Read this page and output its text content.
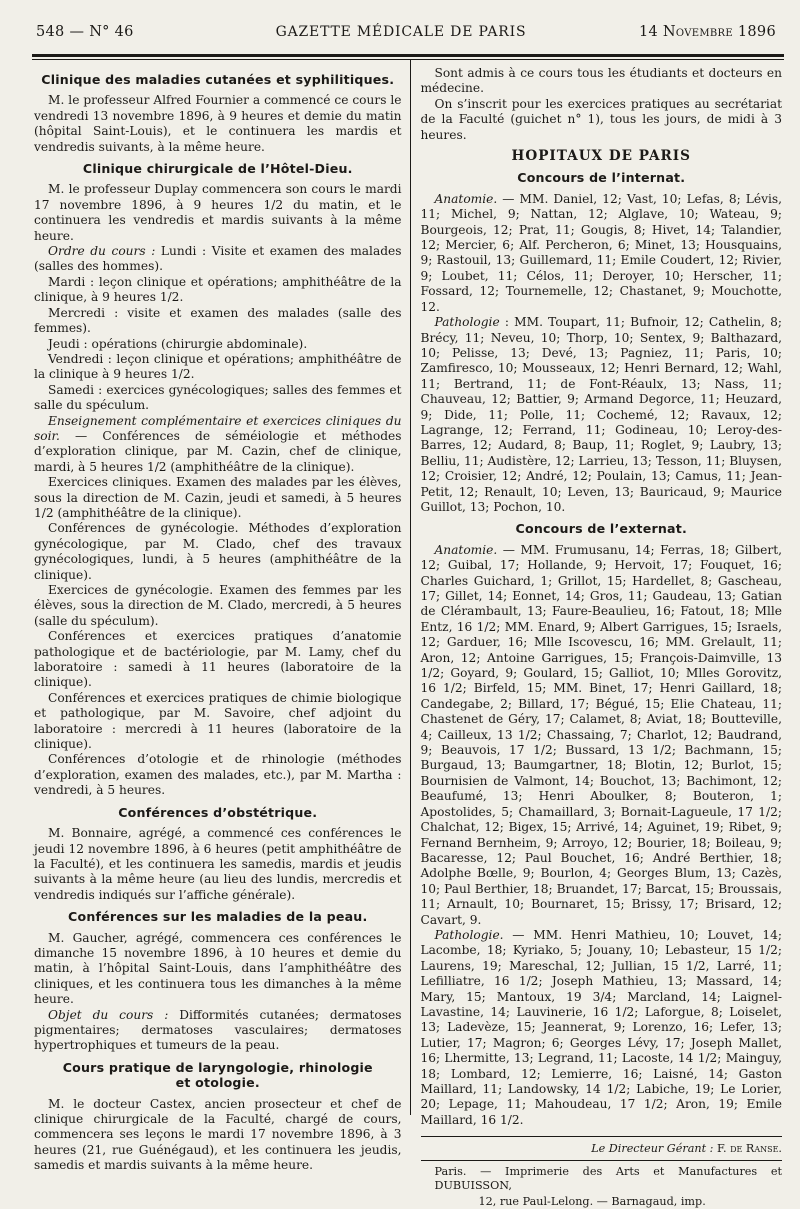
548 — N° 46	GAZETTE MÉDICALE DE PARIS	14 Novembre 1896
Clinique des maladies cutanées et syphilitiques.

M. le professeur Alfred Fournier a commencé ce cours le vendredi 13 novembre 1896, à 9 heures et demie du matin (hôpital Saint-Louis), et le continuera les mardis et vendredis suivants, à la même heure.

Clinique chirurgicale de l’Hôtel-Dieu.

M. le professeur Duplay commencera son cours le mardi 17 novembre 1896, à 9 heures 1/2 du matin, et le continuera les vendredis et mardis suivants à la même heure.

Ordre du cours : Lundi : Visite et examen des malades (salles des hommes).

Mardi : leçon clinique et opérations; amphithéâtre de la clinique, à 9 heures 1/2.

Mercredi : visite et examen des malades (salle des femmes).

Jeudi : opérations (chirurgie abdominale).

Vendredi : leçon clinique et opérations; amphithéâtre de la clinique à 9 heures 1/2.

Samedi : exercices gynécologiques; salles des femmes et salle du spéculum.

Enseignement complémentaire et exercices cliniques du soir. — Conférences de séméiologie et méthodes d’exploration clinique, par M. Cazin, chef de clinique, mardi, à 5 heures 1/2 (amphithéâtre de la clinique).

Exercices cliniques. Examen des malades par les élèves, sous la direction de M. Cazin, jeudi et samedi, à 5 heures 1/2 (amphithéâtre de la clinique).

Conférences de gynécologie. Méthodes d’exploration gynécologique, par M. Clado, chef des travaux gynécologiques, lundi, à 5 heures (amphithéâtre de la clinique).

Exercices de gynécologie. Examen des femmes par les élèves, sous la direction de M. Clado, mercredi, à 5 heures (salle du spéculum).

Conférences et exercices pratiques d’anatomie pathologique et de bactériologie, par M. Lamy, chef du laboratoire : samedi à 11 heures (laboratoire de la clinique).

Conférences et exercices pratiques de chimie biologique et pathologique, par M. Savoire, chef adjoint du laboratoire : mercredi à 11 heures (laboratoire de la clinique).

Conférences d’otologie et de rhinologie (méthodes d’exploration, examen des malades, etc.), par M. Martha : vendredi, à 5 heures.

Conférences d’obstétrique.

M. Bonnaire, agrégé, a commencé ces conférences le jeudi 12 novembre 1896, à 6 heures (petit amphithéâtre de la Faculté), et les continuera les samedis, mardis et jeudis suivants à la même heure (au lieu des lundis, mercredis et vendredis indiqués sur l’affiche générale).

Conférences sur les maladies de la peau.

M. Gaucher, agrégé, commencera ces conférences le dimanche 15 novembre 1896, à 10 heures et demie du matin, à l’hôpital Saint-Louis, dans l’amphithéâtre des cliniques, et les continuera tous les dimanches à la même heure.

Objet du cours : Difformités cutanées; dermatoses pigmentaires; dermatoses vasculaires; dermatoses hypertrophiques et tumeurs de la peau.

Cours pratique de laryngologie, rhinologie
et otologie.

M. le docteur Castex, ancien prosecteur et chef de clinique chirurgicale de la Faculté, chargé de cours, commencera ses leçons le mardi 17 novembre 1896, à 3 heures (21, rue Guénégaud), et les continuera les jeudis, samedis et mardis suivants à la même heure.

Sont admis à ce cours tous les étudiants et docteurs en médecine.

On s’inscrit pour les exercices pratiques au secrétariat de la Faculté (guichet n° 1), tous les jours, de midi à 3 heures.

HOPITAUX DE PARIS
Concours de l’internat.

Anatomie. — MM. Daniel, 12; Vast, 10; Lefas, 8; Lévis, 11; Michel, 9; Nattan, 12; Alglave, 10; Wateau, 9; Bourgeois, 12; Prat, 11; Gougis, 8; Hivet, 14; Talandier, 12; Mercier, 6; Alf. Percheron, 6; Minet, 13; Housquains, 9; Rastouil, 13; Guillemard, 11; Emile Coudert, 12; Rivier, 9; Loubet, 11; Célos, 11; Deroyer, 10; Herscher, 11; Fossard, 12; Tournemelle, 12; Chastanet, 9; Mouchotte, 12.

Pathologie : MM. Toupart, 11; Bufnoir, 12; Cathelin, 8; Brécy, 11; Neveu, 10; Thorp, 10; Sentex, 9; Balthazard, 10; Pelisse, 13; Devé, 13; Pagniez, 11; Paris, 10; Zamfiresco, 10; Mousseaux, 12; Henri Bernard, 12; Wahl, 11; Bertrand, 11; de Font-Réaulx, 13; Nass, 11; Chauveau, 12; Battier, 9; Armand Degorce, 11; Heuzard, 9; Dide, 11; Polle, 11; Cochemé, 12; Ravaux, 12; Lagrange, 12; Ferrand, 11; Godineau, 10; Leroy-des-Barres, 12; Audard, 8; Baup, 11; Roglet, 9; Laubry, 13; Belliu, 11; Audistère, 12; Larrieu, 13; Tesson, 11; Bluysen, 12; Croisier, 12; André, 12; Poulain, 13; Camus, 11; Jean-Petit, 12; Renault, 10; Leven, 13; Bauricaud, 9; Maurice Guillot, 13; Pochon, 10.

Concours de l’externat.

Anatomie. — MM. Frumusanu, 14; Ferras, 18; Gilbert, 12; Guibal, 17; Hollande, 9; Hervoit, 17; Fouquet, 16; Charles Guichard, 1; Grillot, 15; Hardellet, 8; Gascheau, 17; Gillet, 14; Eonnet, 14; Gros, 11; Gaudeau, 13; Gatian de Clérambault, 13; Faure-Beaulieu, 16; Fatout, 18; Mlle Entz, 16 1/2; MM. Enard, 9; Albert Garrigues, 15; Israels, 12; Garduer, 16; Mlle Iscovescu, 16; MM. Grelault, 11; Aron, 12; Antoine Garrigues, 15; François-Daimville, 13 1/2; Goyard, 9; Goulard, 15; Galliot, 10; Mlles Gorovitz, 16 1/2; Birfeld, 15; MM. Binet, 17; Henri Gaillard, 18; Candegabe, 2; Billard, 17; Bégué, 15; Elie Chateau, 11; Chastenet de Géry, 17; Calamet, 8; Aviat, 18; Boutteville, 4; Cailleux, 13 1/2; Chassaing, 7; Charlot, 12; Baudrand, 9; Beauvois, 17 1/2; Bussard, 13 1/2; Bachmann, 15; Burgaud, 13; Baumgartner, 18; Blotin, 12; Burlot, 15; Bournisien de Valmont, 14; Bouchot, 13; Bachimont, 12; Beaufumé, 13; Henri Aboulker, 8; Bouteron, 1; Apostolides, 5; Chamaillard, 3; Bornait-Lagueule, 17 1/2; Chalchat, 12; Bigex, 15; Arrivé, 14; Aguinet, 19; Ribet, 9; Fernand Bernheim, 9; Arroyo, 12; Bourier, 18; Boileau, 9; Bacaresse, 12; Paul Bouchet, 16; André Berthier, 18; Adolphe Bœlle, 9; Bourlon, 4; Georges Blum, 13; Cazès, 10; Paul Berthier, 18; Bruandet, 17; Barcat, 15; Broussais, 11; Arnault, 10; Bournaret, 15; Brissy, 17; Brisard, 12; Cavart, 9.

Pathologie. — MM. Henri Mathieu, 10; Louvet, 14; Lacombe, 18; Kyriako, 5; Jouany, 10; Lebasteur, 15 1/2; Laurens, 19; Mareschal, 12; Jullian, 15 1/2, Larré, 11; Lefilliatre, 16 1/2; Joseph Mathieu, 13; Massard, 14; Mary, 15; Mantoux, 19 3/4; Marcland, 14; Laignel-Lavastine, 14; Lauvinerie, 16 1/2; Laforgue, 8; Loiselet, 13; Ladevèze, 15; Jeannerat, 9; Lorenzo, 16; Lefer, 13; Lutier, 17; Magron; 6; Georges Lévy, 17; Joseph Mallet, 16; Lhermitte, 13; Legrand, 11; Lacoste, 14 1/2; Mainguy, 18; Lombard, 12; Lemierre, 16; Laisné, 14; Gaston Maillard, 11; Landowsky, 14 1/2; Labiche, 19; Le Lorier, 20; Lepage, 11; Mahoudeau, 17 1/2; Aron, 19; Emile Maillard, 16 1/2.

Le Directeur Gérant : F. de Ranse.

Paris. — Imprimerie des Arts et Manufactures et DUBUISSON,

12, rue Paul-Lelong. — Barnagaud, imp.
